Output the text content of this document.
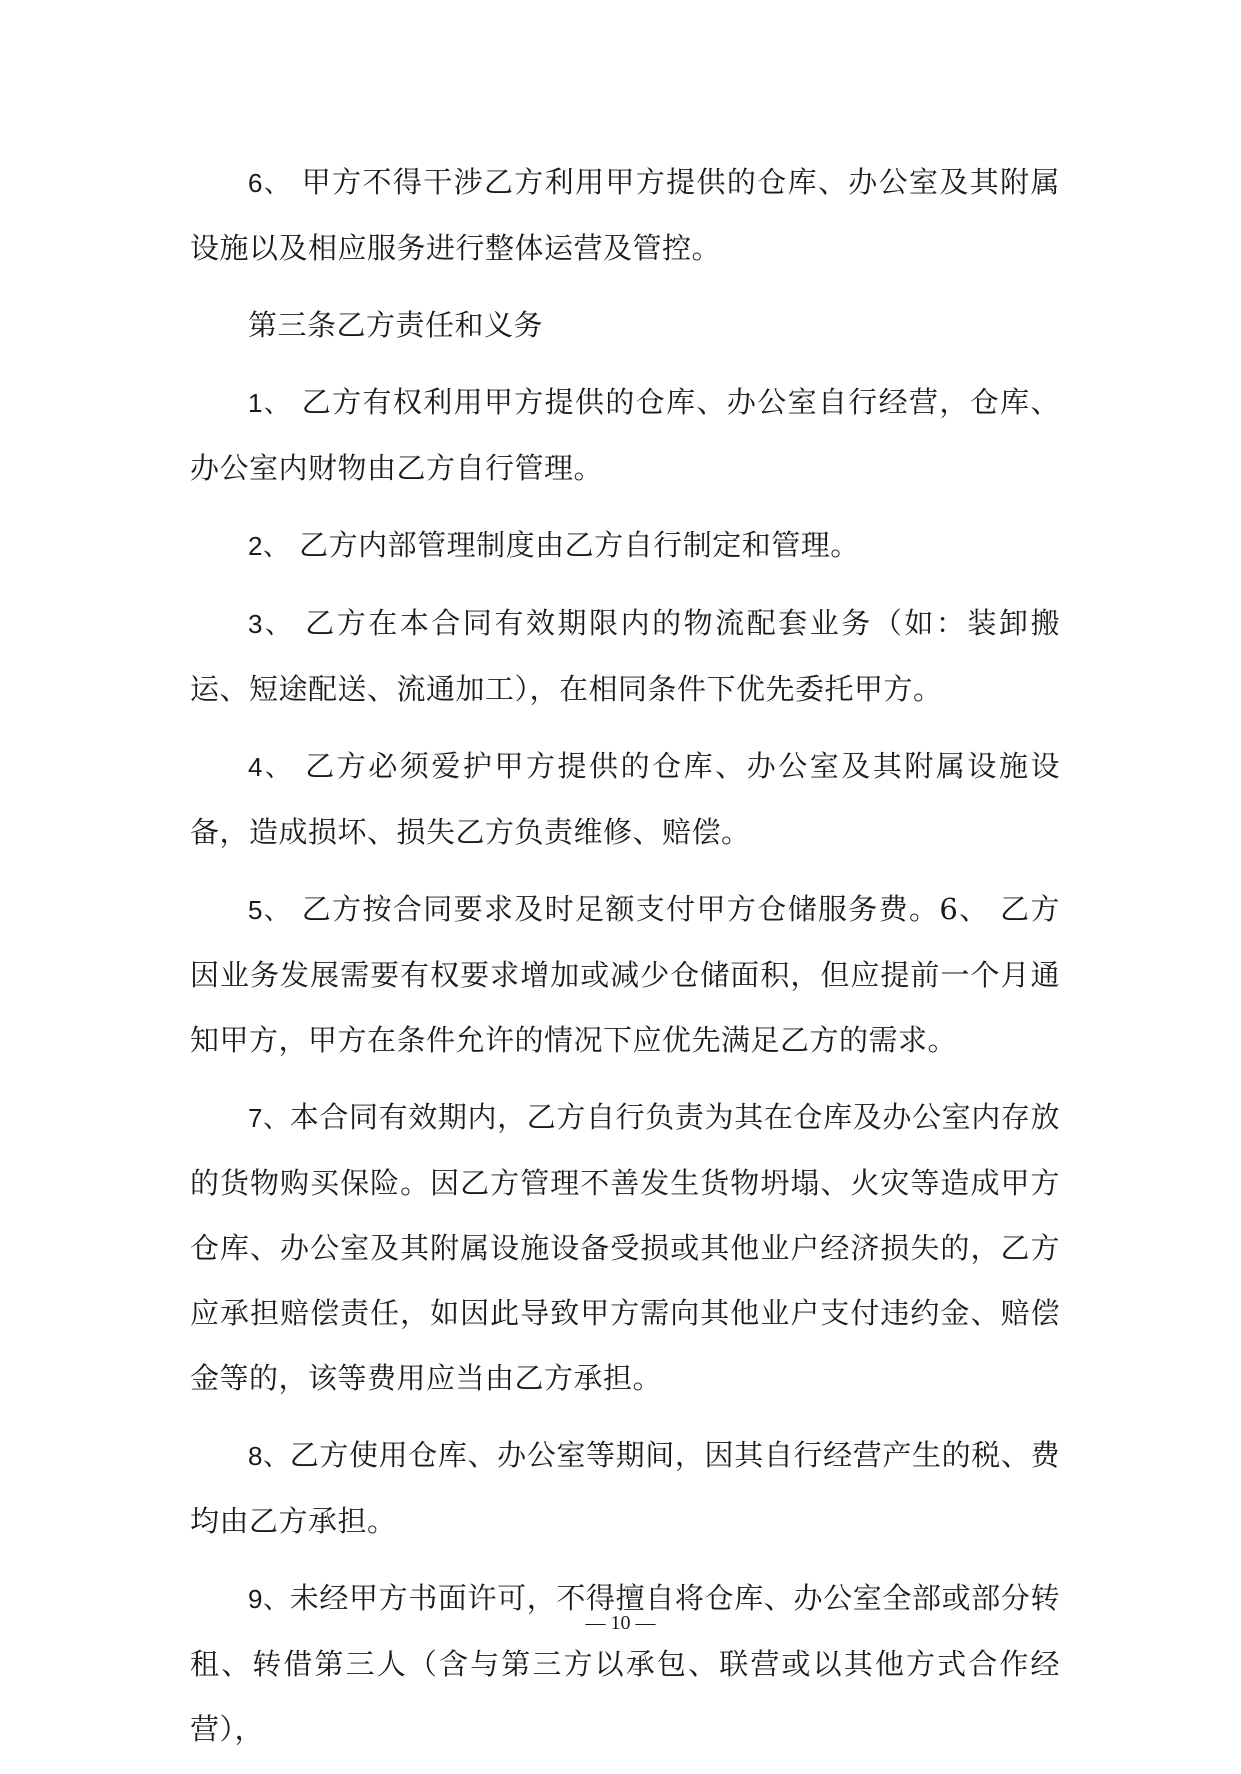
6、 甲方不得干涉乙方利用甲方提供的仓库、办公室及其附属设施以及相应服务进行整体运营及管控。

第三条乙方责任和义务

1、 乙方有权利用甲方提供的仓库、办公室自行经营，仓库、办公室内财物由乙方自行管理。

2、 乙方内部管理制度由乙方自行制定和管理。

3、 乙方在本合同有效期限内的物流配套业务（如：装卸搬运、短途配送、流通加工），在相同条件下优先委托甲方。

4、 乙方必须爱护甲方提供的仓库、办公室及其附属设施设备，造成损坏、损失乙方负责维修、赔偿。

5、 乙方按合同要求及时足额支付甲方仓储服务费。6、 乙方因业务发展需要有权要求增加或减少仓储面积，但应提前一个月通知甲方，甲方在条件允许的情况下应优先满足乙方的需求。

7、本合同有效期内，乙方自行负责为其在仓库及办公室内存放的货物购买保险。因乙方管理不善发生货物坍塌、火灾等造成甲方仓库、办公室及其附属设施设备受损或其他业户经济损失的，乙方应承担赔偿责任，如因此导致甲方需向其他业户支付违约金、赔偿金等的，该等费用应当由乙方承担。

8、乙方使用仓库、办公室等期间，因其自行经营产生的税、费均由乙方承担。

9、未经甲方书面许可，不得擅自将仓库、办公室全部或部分转租、转借第三人（含与第三方以承包、联营或以其他方式合作经营），

— 10 —
